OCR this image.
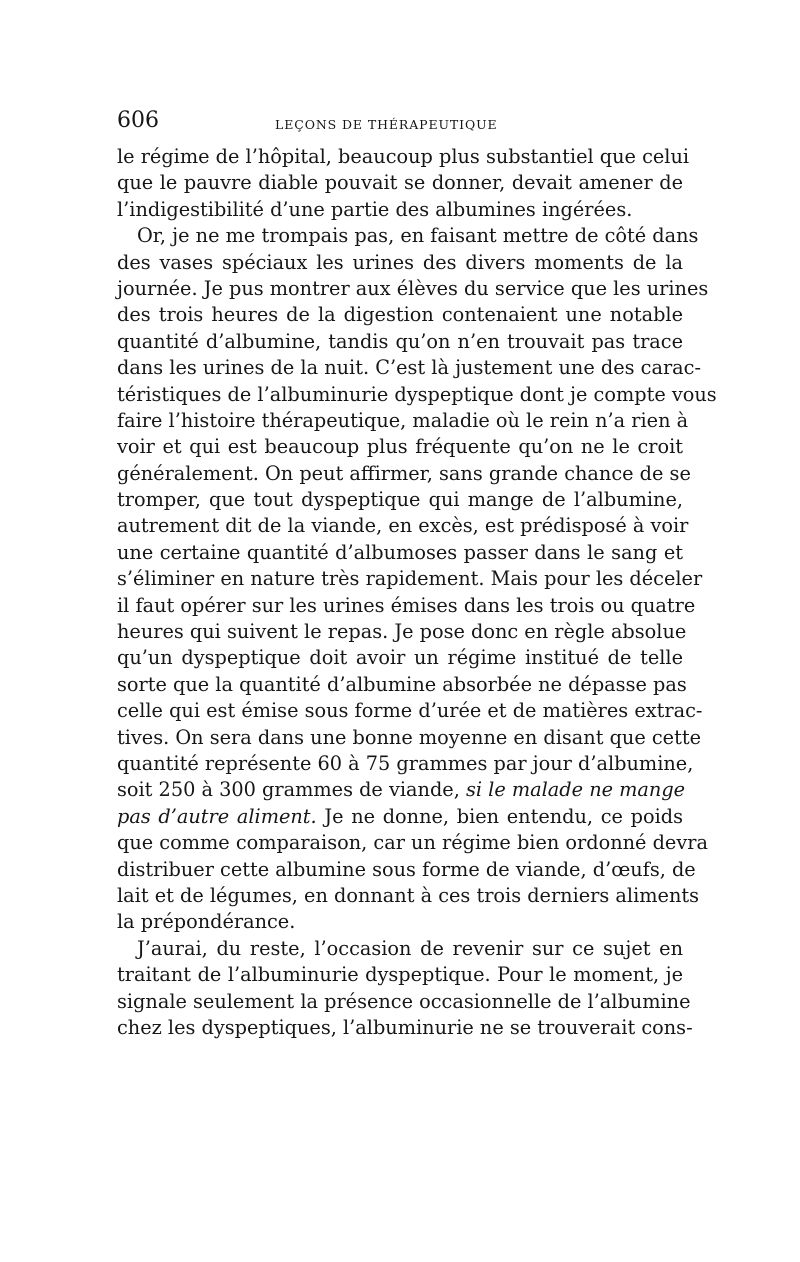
606	LEÇONS DE THÉRAPEUTIQUE
le régime de l’hôpital, beaucoup plus substantiel que celui
que le pauvre diable pouvait se donner, devait amener de
l’indigestibilité d’une partie des albumines ingérées.
Or, je ne me trompais pas, en faisant mettre de côté dans
des vases spéciaux les urines des divers moments de la
journée. Je pus montrer aux élèves du service que les urines
des trois heures de la digestion contenaient une notable
quantité d’albumine, tandis qu’on n’en trouvait pas trace
dans les urines de la nuit. C’est là justement une des carac-
téristiques de l’albuminurie dyspeptique dont je compte vous
faire l’histoire thérapeutique, maladie où le rein n’a rien à
voir et qui est beaucoup plus fréquente qu’on ne le croit
généralement. On peut affirmer, sans grande chance de se
tromper, que tout dyspeptique qui mange de l’albumine,
autrement dit de la viande, en excès, est prédisposé à voir
une certaine quantité d’albumoses passer dans le sang et
s’éliminer en nature très rapidement. Mais pour les déceler
il faut opérer sur les urines émises dans les trois ou quatre
heures qui suivent le repas. Je pose donc en règle absolue
qu’un dyspeptique doit avoir un régime institué de telle
sorte que la quantité d’albumine absorbée ne dépasse pas
celle qui est émise sous forme d’urée et de matières extrac-
tives. On sera dans une bonne moyenne en disant que cette
quantité représente 60 à 75 grammes par jour d’albumine,
soit 250 à 300 grammes de viande, si le malade ne mange
pas d’autre aliment. Je ne donne, bien entendu, ce poids
que comme comparaison, car un régime bien ordonné devra
distribuer cette albumine sous forme de viande, d’œufs, de
lait et de légumes, en donnant à ces trois derniers aliments
la prépondérance.
J’aurai, du reste, l’occasion de revenir sur ce sujet en
traitant de l’albuminurie dyspeptique. Pour le moment, je
signale seulement la présence occasionnelle de l’albumine
chez les dyspeptiques, l’albuminurie ne se trouverait cons-
